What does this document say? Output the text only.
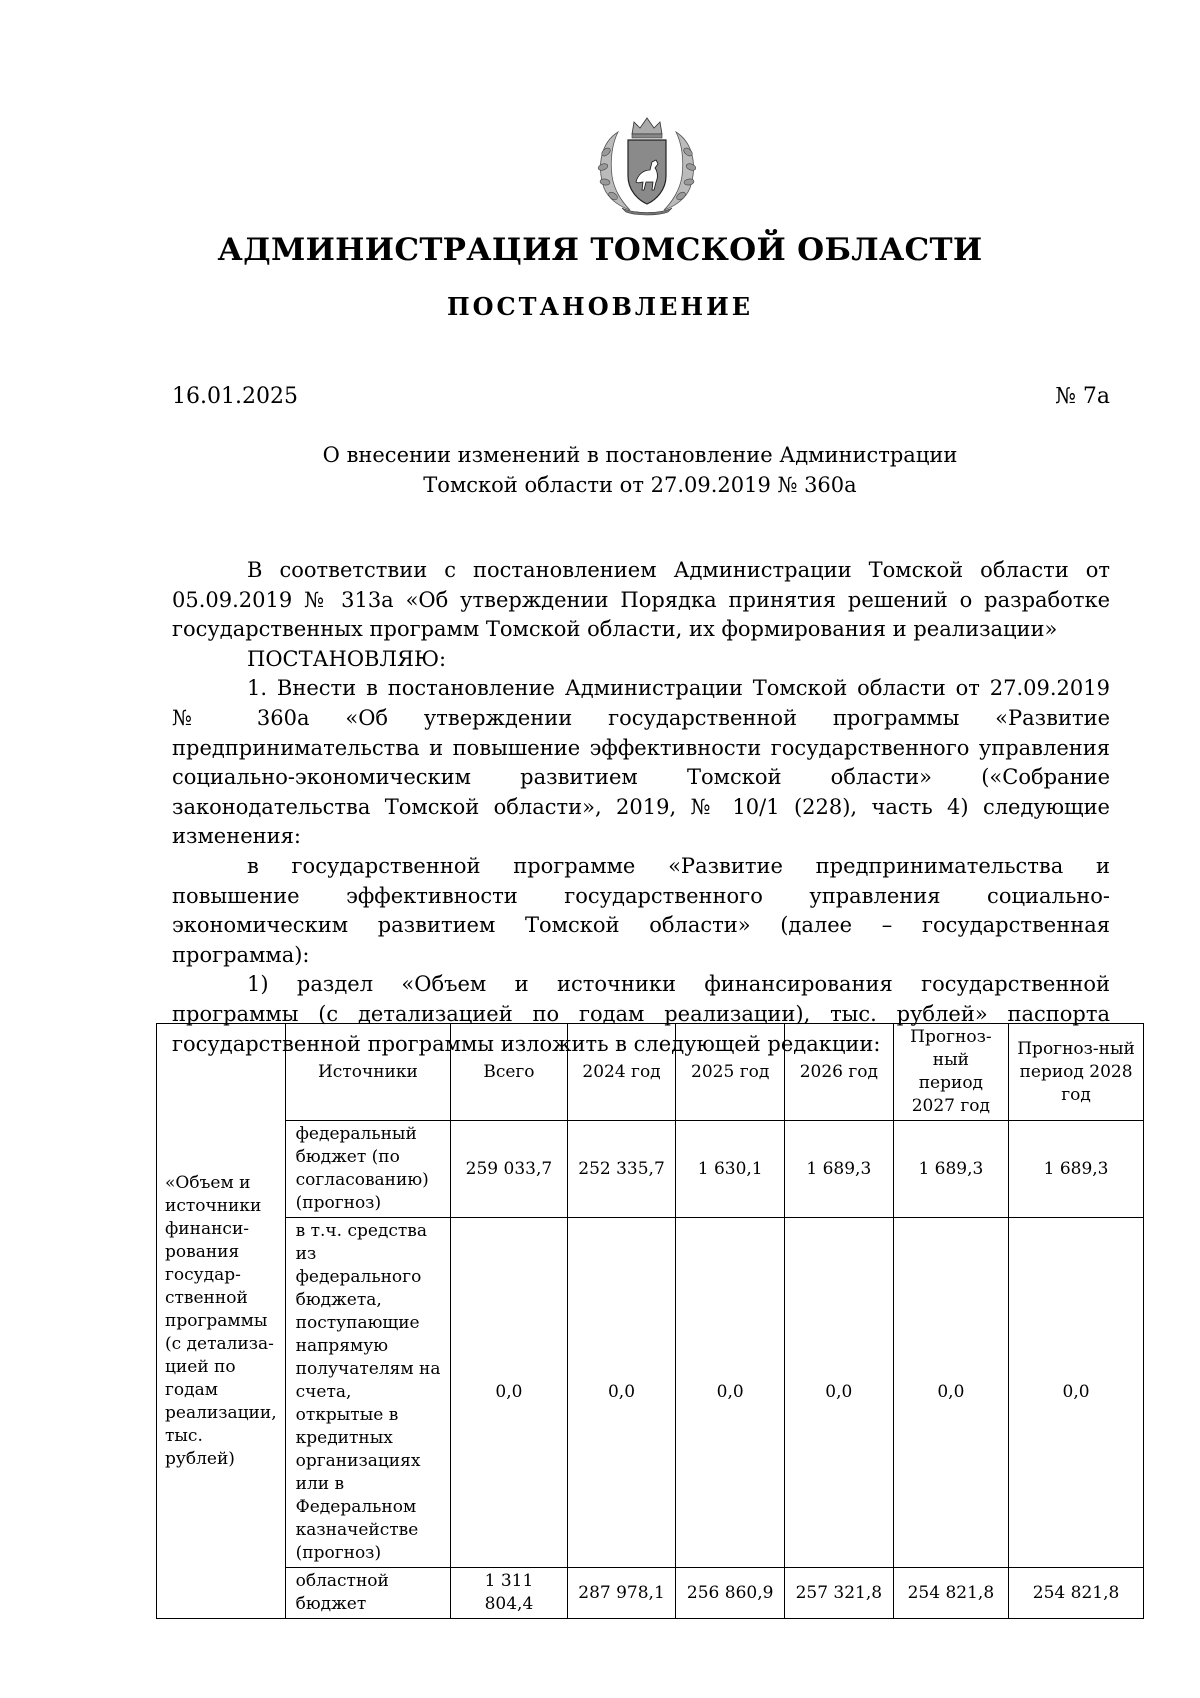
АДМИНИСТРАЦИЯ ТОМСКОЙ ОБЛАСТИ
ПОСТАНОВЛЕНИЕ
16.01.2025	№ 7а
О внесении изменений в постановление Администрации
Томской области от 27.09.2019 № 360а

В соответствии с постановлением Администрации Томской области от 05.09.2019 № 313а «Об утверждении Порядка принятия решений о разработке государственных программ Томской области, их формирования и реализации»

ПОСТАНОВЛЯЮ:

1. Внести в постановление Администрации Томской области от 27.09.2019 № 360а «Об утверждении государственной программы «Развитие предпринимательства и повышение эффективности государственного управления социально-экономическим развитием Томской области» («Собрание законодательства Томской области», 2019, № 10/1 (228), часть 4) следующие изменения:

в государственной программе «Развитие предпринимательства и повышение эффективности государственного управления социально-экономическим развитием Томской области» (далее – государственная программа):

1) раздел «Объем и источники финансирования государственной программы (с детализацией по годам реализации), тыс. рублей» паспорта государственной программы изложить в следующей редакции:

«Объем и источники финанси-рования государ-ственной программы (с детализа-цией по годам реализации, тыс. рублей)	Источники	Всего	2024 год	2025 год	2026 год	Прогноз-ный период 2027 год	Прогноз-ный период 2028 год
	федеральный бюджет (по согласованию) (прогноз)	259 033,7	252 335,7	1 630,1	1 689,3	1 689,3	1 689,3
	в т.ч. средства из федерального бюджета, поступающие напрямую получателям на счета, открытые в кредитных организациях или в Федеральном казначействе (прогноз)	0,0	0,0	0,0	0,0	0,0	0,0
	областной бюджет	1 311 804,4	287 978,1	256 860,9	257 321,8	254 821,8	254 821,8
